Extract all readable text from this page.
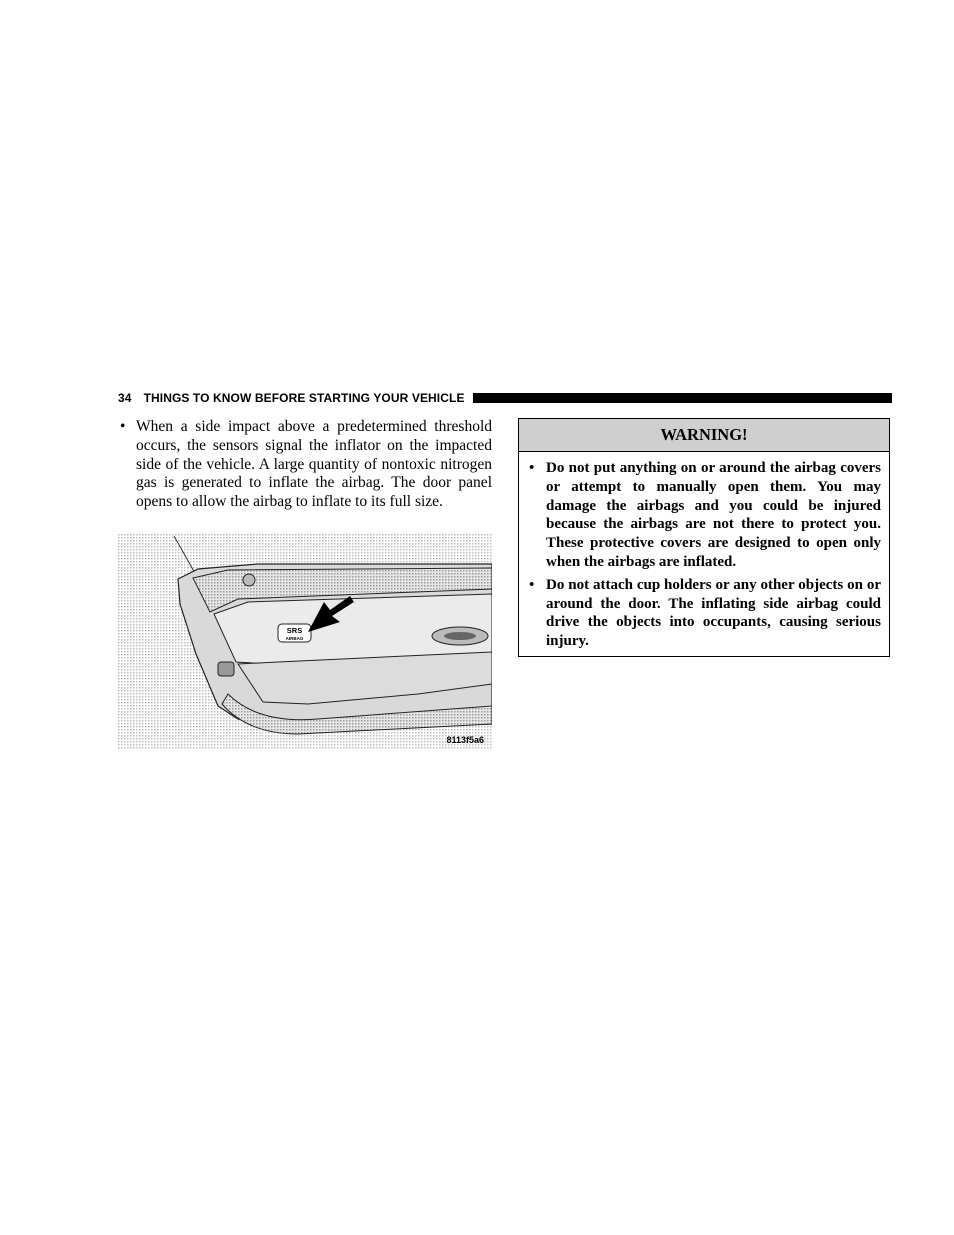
34 THINGS TO KNOW BEFORE STARTING YOUR VEHICLE
• When a side impact above a predetermined threshold occurs, the sensors signal the inflator on the impacted side of the vehicle. A large quantity of nontoxic nitrogen gas is generated to inflate the airbag. The door panel opens to allow the airbag to inflate to its full size.
SRS
AIRBAG
8113f5a6
WARNING!
• Do not put anything on or around the airbag covers or attempt to manually open them. You may damage the airbags and you could be injured because the airbags are not there to protect you. These protective covers are designed to open only when the airbags are inflated.
• Do not attach cup holders or any other objects on or around the door. The inflating side airbag could drive the objects into occupants, causing serious injury.
